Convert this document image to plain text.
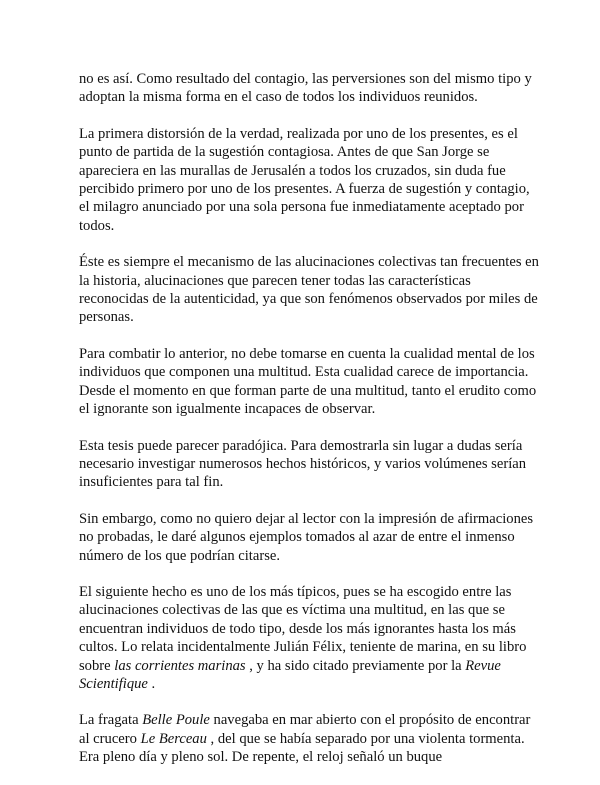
no es así. Como resultado del contagio, las perversiones son del mismo tipo y adoptan la misma forma en el caso de todos los individuos reunidos.

La primera distorsión de la verdad, realizada por uno de los presentes, es el punto de partida de la sugestión contagiosa. Antes de que San Jorge se apareciera en las murallas de Jerusalén a todos los cruzados, sin duda fue percibido primero por uno de los presentes. A fuerza de sugestión y contagio, el milagro anunciado por una sola persona fue inmediatamente aceptado por todos.

Éste es siempre el mecanismo de las alucinaciones colectivas tan frecuentes en la historia, alucinaciones que parecen tener todas las características reconocidas de la autenticidad, ya que son fenómenos observados por miles de personas.

Para combatir lo anterior, no debe tomarse en cuenta la cualidad mental de los individuos que componen una multitud. Esta cualidad carece de importancia. Desde el momento en que forman parte de una multitud, tanto el erudito como el ignorante son igualmente incapaces de observar.

Esta tesis puede parecer paradójica. Para demostrarla sin lugar a dudas sería necesario investigar numerosos hechos históricos, y varios volúmenes serían insuficientes para tal fin.

Sin embargo, como no quiero dejar al lector con la impresión de afirmaciones no probadas, le daré algunos ejemplos tomados al azar de entre el inmenso número de los que podrían citarse.

El siguiente hecho es uno de los más típicos, pues se ha escogido entre las alucinaciones colectivas de las que es víctima una multitud, en las que se encuentran individuos de todo tipo, desde los más ignorantes hasta los más cultos. Lo relata incidentalmente Julián Félix, teniente de marina, en su libro sobre las corrientes marinas , y ha sido citado previamente por la Revue Scientifique .

La fragata Belle Poule navegaba en mar abierto con el propósito de encontrar al crucero Le Berceau , del que se había separado por una violenta tormenta. Era pleno día y pleno sol. De repente, el reloj señaló un buque
